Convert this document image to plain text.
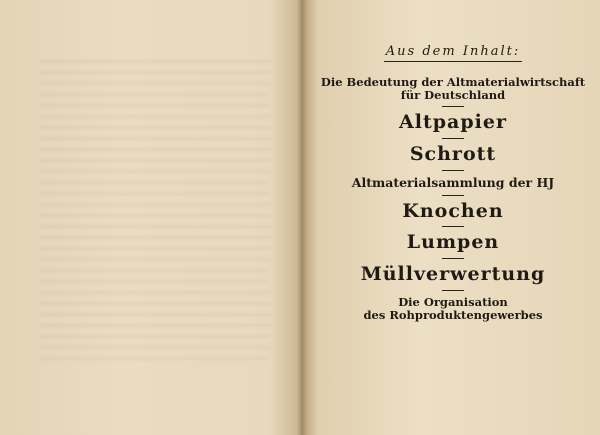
Aus dem Inhalt:
Die Bedeutung der Altmaterialwirtschaft
für Deutschland
Altpapier
Schrott
Altmaterialsammlung der HJ
Knochen
Lumpen
Müllverwertung
Die Organisation
des Rohproduktengewerbes
